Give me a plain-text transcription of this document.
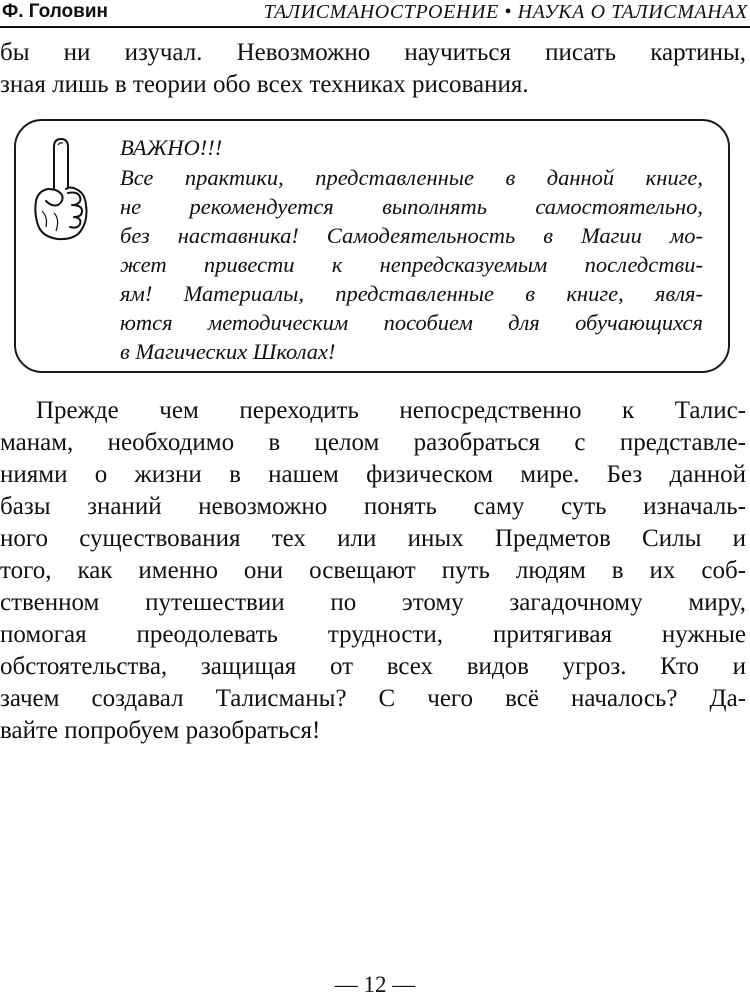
Ф. Головин	ТАЛИСМАНОСТРОЕНИЕ • НАУКА О ТАЛИСМАНАХ
бы ни изучал. Невозможно научиться писать картины,
зная лишь в теории обо всех техниках рисования.
ВАЖНО!!!
Все практики, представленные в данной книге,
не рекомендуется выполнять самостоятельно,
без наставника! Самодеятельность в Магии мо-
жет привести к непредсказуемым последстви-
ям! Материалы, представленные в книге, явля-
ются методическим пособием для обучающихся
в Магических Школах!
Прежде чем переходить непосредственно к Талис-
манам, необходимо в целом разобраться с представле-
ниями о жизни в нашем физическом мире. Без данной
базы знаний невозможно понять саму суть изначаль-
ного существования тех или иных Предметов Силы и
того, как именно они освещают путь людям в их соб-
ственном путешествии по этому загадочному миру,
помогая преодолевать трудности, притягивая нужные
обстоятельства, защищая от всех видов угроз. Кто и
зачем создавал Талисманы? С чего всё началось? Да-
вайте попробуем разобраться!
— 12 —
